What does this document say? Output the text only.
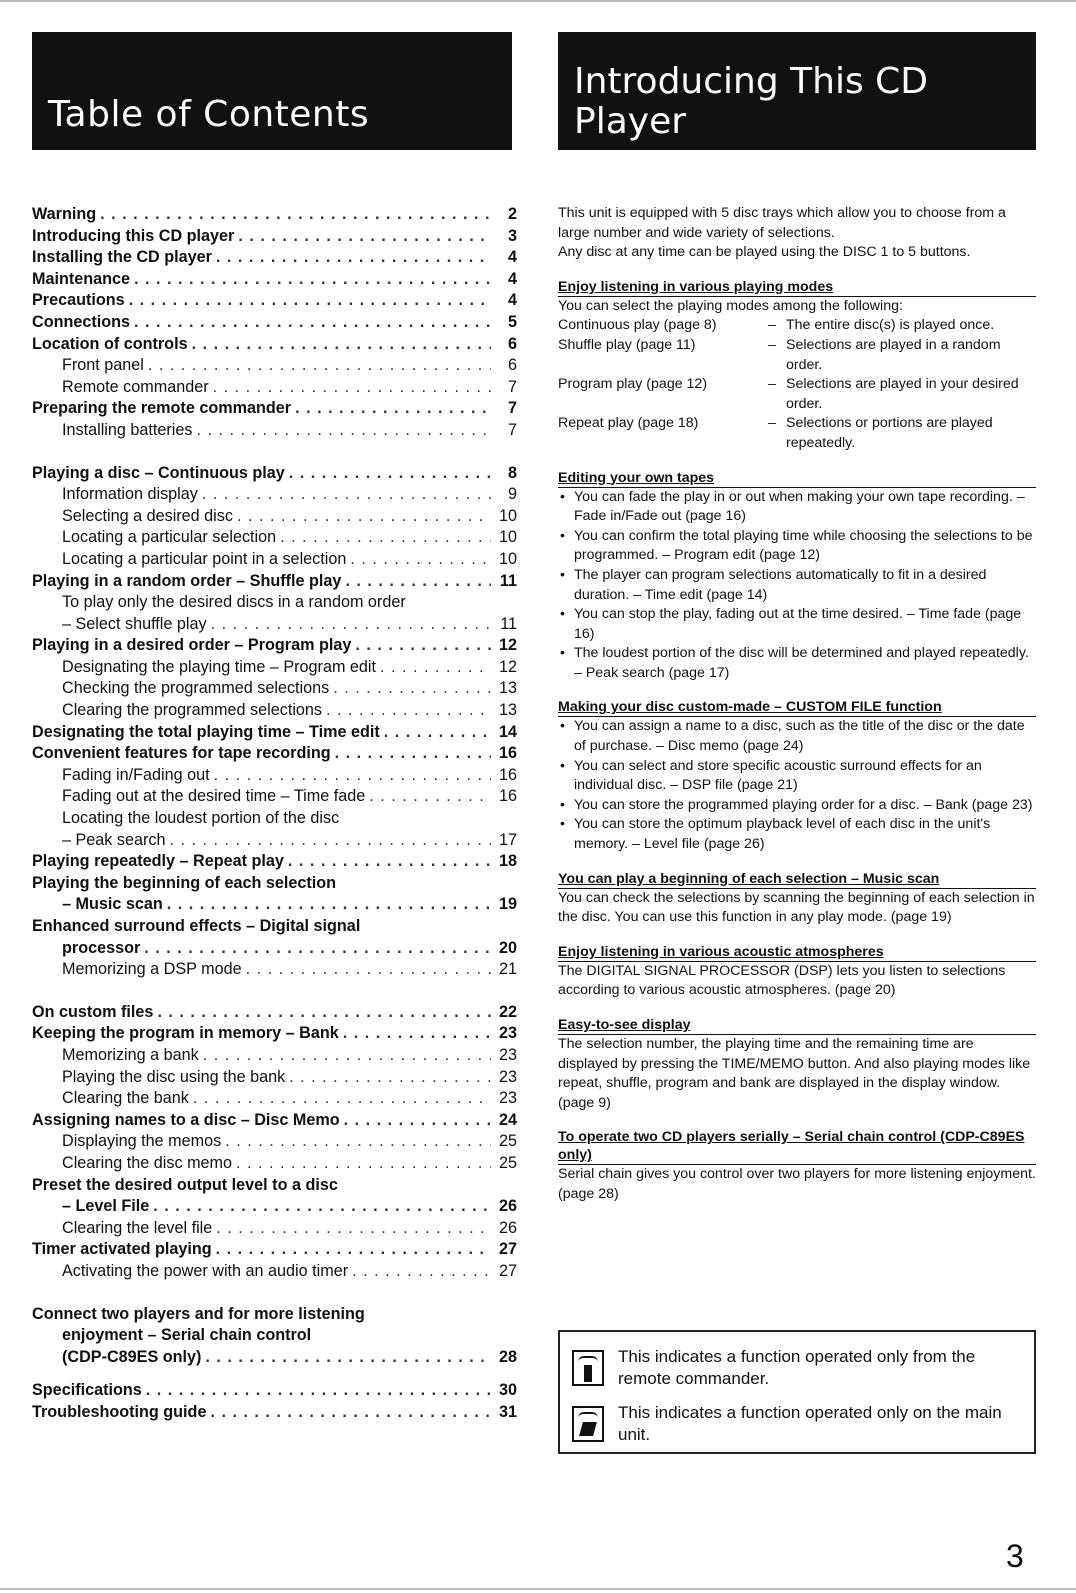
Table of Contents
Introducing This CD
Player
Warning . . .	2
Introducing this CD player . . .	3
Installing the CD player . . .	4
Maintenance . . .	4
Precautions . . .	4
Connections . . .	5
Location of controls . . .	6
Front panel . . .	6
Remote commander . . .	7
Preparing the remote commander . . .	7
Installing batteries . . .	7
Playing a disc – Continuous play . . .	8
Information display . . .	9
Selecting a desired disc . . .	10
Locating a particular selection . . .	10
Locating a particular point in a selection . . .	10
Playing in a random order – Shuffle play . . .	11
To play only the desired discs in a random order
– Select shuffle play . . .	11
Playing in a desired order – Program play . . .	12
Designating the playing time – Program edit . . .	12
Checking the programmed selections . . .	13
Clearing the programmed selections . . .	13
Designating the total playing time – Time edit . . .	14
Convenient features for tape recording . . .	16
Fading in/Fading out . . .	16
Fading out at the desired time – Time fade . . .	16
Locating the loudest portion of the disc
– Peak search . . .	17
Playing repeatedly – Repeat play . . .	18
Playing the beginning of each selection
– Music scan . . .	19
Enhanced surround effects – Digital signal
processor . . .	20
Memorizing a DSP mode . . .	21
On custom files . . .	22
Keeping the program in memory – Bank . . .	23
Memorizing a bank . . .	23
Playing the disc using the bank . . .	23
Clearing the bank . . .	23
Assigning names to a disc – Disc Memo . . .	24
Displaying the memos . . .	25
Clearing the disc memo . . .	25
Preset the desired output level to a disc
– Level File . . .	26
Clearing the level file . . .	26
Timer activated playing . . .	27
Activating the power with an audio timer . . .	27
Connect two players and for more listening
enjoyment – Serial chain control
(CDP-C89ES only) . . .	28
Specifications . . .	30
Troubleshooting guide . . .	31

This unit is equipped with 5 disc trays which allow you to choose from a large number and wide variety of selections.

Any disc at any time can be played using the DISC 1 to 5 buttons.

Enjoy listening in various playing modes
You can select the playing modes among the following:
Continuous play (page 8)	– The entire disc(s) is played once.
Shuffle play (page 11)	– Selections are played in a random order.
Program play (page 12)	– Selections are played in your desired order.
Repeat play (page 18)	– Selections or portions are played repeatedly.
Editing your own tapes
• You can fade the play in or out when making your own tape recording. – Fade in/Fade out (page 16)
• You can confirm the total playing time while choosing the selections to be programmed. – Program edit (page 12)
• The player can program selections automatically to fit in a desired duration. – Time edit (page 14)
• You can stop the play, fading out at the time desired. – Time fade (page 16)
• The loudest portion of the disc will be determined and played repeatedly. – Peak search (page 17)
Making your disc custom-made – CUSTOM FILE function
• You can assign a name to a disc, such as the title of the disc or the date of purchase. – Disc memo (page 24)
• You can select and store specific acoustic surround effects for an individual disc. – DSP file (page 21)
• You can store the programmed playing order for a disc. – Bank (page 23)
• You can store the optimum playback level of each disc in the unit's memory. – Level file (page 26)
You can play a beginning of each selection – Music scan

You can check the selections by scanning the beginning of each selection in the disc. You can use this function in any play mode. (page 19)

Enjoy listening in various acoustic atmospheres

The DIGITAL SIGNAL PROCESSOR (DSP) lets you listen to selections according to various acoustic atmospheres. (page 20)

Easy-to-see display

The selection number, the playing time and the remaining time are displayed by pressing the TIME/MEMO button. And also playing modes like repeat, shuffle, program and bank are displayed in the display window. (page 9)

To operate two CD players serially – Serial chain control (CDP-C89ES only)

Serial chain gives you control over two players for more listening enjoyment. (page 28)

This indicates a function operated only from the remote commander.
This indicates a function operated only on the main unit.
3
